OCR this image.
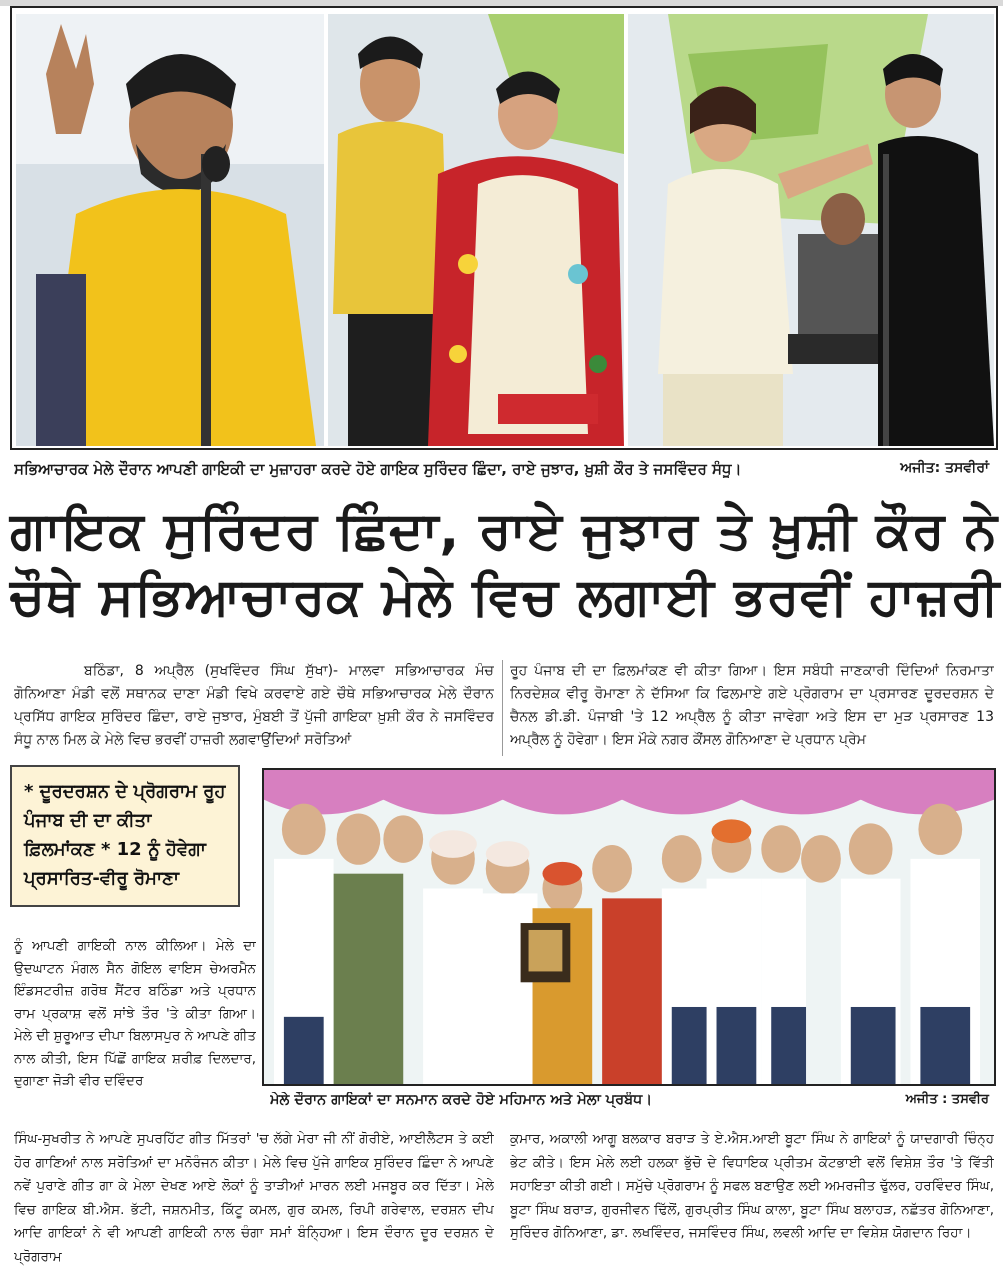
ਸਭਿਆਚਾਰਕ ਮੇਲੇ ਦੌਰਾਨ ਆਪਣੀ ਗਾਇਕੀ ਦਾ ਮੁਜ਼ਾਹਰਾ ਕਰਦੇ ਹੋਏ ਗਾਇਕ ਸੁਰਿੰਦਰ ਛਿੰਦਾ, ਰਾਏ ਜੁਝਾਰ, ਖ਼ੁਸ਼ੀ ਕੌਰ ਤੇ ਜਸਵਿੰਦਰ ਸੰਧੂ।	ਅਜੀਤ: ਤਸਵੀਰਾਂ
ਗਾਇਕ ਸੁਰਿੰਦਰ ਛਿੰਦਾ, ਰਾਏ ਜੁਝਾਰ ਤੇ ਖ਼ੁਸ਼ੀ ਕੌਰ ਨੇ
ਚੌਥੇ ਸਭਿਆਚਾਰਕ ਮੇਲੇ ਵਿਚ ਲਗਾਈ ਭਰਵੀਂ ਹਾਜ਼ਰੀ
ਬਠਿੰਡਾ, 8 ਅਪ੍ਰੈਲ (ਸੁਖਵਿੰਦਰ ਸਿੰਘ ਸੁੱਖਾ)- ਮਾਲਵਾ ਸਭਿਆਚਾਰਕ ਮੰਚ ਗੋਨਿਆਣਾ ਮੰਡੀ ਵਲੋਂ ਸਥਾਨਕ ਦਾਣਾ ਮੰਡੀ ਵਿਖੇ ਕਰਵਾਏ ਗਏ ਚੌਥੇ ਸਭਿਆਚਾਰਕ ਮੇਲੇ ਦੌਰਾਨ ਪ੍ਰਸਿੱਧ ਗਾਇਕ ਸੁਰਿੰਦਰ ਛਿੰਦਾ, ਰਾਏ ਜੁਝਾਰ, ਮੁੰਬਈ ਤੋਂ ਪੁੱਜੀ ਗਾਇਕਾ ਖ਼ੁਸ਼ੀ ਕੌਰ ਨੇ ਜਸਵਿੰਦਰ ਸੰਧੂ ਨਾਲ ਮਿਲ ਕੇ ਮੇਲੇ ਵਿਚ ਭਰਵੀਂ ਹਾਜ਼ਰੀ ਲਗਵਾਉਂਦਿਆਂ ਸਰੋਤਿਆਂ
ਰੂਹ ਪੰਜਾਬ ਦੀ ਦਾ ਫ਼ਿਲਮਾਂਕਣ ਵੀ ਕੀਤਾ ਗਿਆ। ਇਸ ਸਬੰਧੀ ਜਾਣਕਾਰੀ ਦਿੰਦਿਆਂ ਨਿਰਮਾਤਾ ਨਿਰਦੇਸ਼ਕ ਵੀਰੂ ਰੋਮਾਣਾ ਨੇ ਦੱਸਿਆ ਕਿ ਫਿਲਮਾਏ ਗਏ ਪ੍ਰੋਗਰਾਮ ਦਾ ਪ੍ਰਸਾਰਣ ਦੂਰਦਰਸ਼ਨ ਦੇ ਚੈਨਲ ਡੀ.ਡੀ. ਪੰਜਾਬੀ 'ਤੇ 12 ਅਪ੍ਰੈਲ ਨੂੰ ਕੀਤਾ ਜਾਵੇਗਾ ਅਤੇ ਇਸ ਦਾ ਮੁੜ ਪ੍ਰਸਾਰਣ 13 ਅਪ੍ਰੈਲ ਨੂੰ ਹੋਵੇਗਾ। ਇਸ ਮੌਕੇ ਨਗਰ ਕੌਂਸਲ ਗੋਨਿਆਣਾ ਦੇ ਪ੍ਰਧਾਨ ਪ੍ਰੇਮ
* ਦੂਰਦਰਸ਼ਨ ਦੇ ਪ੍ਰੋਗਰਾਮ ਰੂਹ
ਪੰਜਾਬ ਦੀ ਦਾ ਕੀਤਾ
ਫ਼ਿਲਮਾਂਕਣ * 12 ਨੂੰ ਹੋਵੇਗਾ
ਪ੍ਰਸਾਰਿਤ-ਵੀਰੂ ਰੋਮਾਣਾ
ਨੂੰ ਆਪਣੀ ਗਾਇਕੀ ਨਾਲ ਕੀਲਿਆ। ਮੇਲੇ ਦਾ ਉਦਘਾਟਨ ਮੰਗਲ ਸੈਨ ਗੋਇਲ ਵਾਇਸ ਚੇਅਰਮੈਨ ਇੰਡਸਟਰੀਜ਼ ਗਰੋਥ ਸੈਂਟਰ ਬਠਿੰਡਾ ਅਤੇ ਪ੍ਰਧਾਨ ਰਾਮ ਪ੍ਰਕਾਸ਼ ਵਲੋਂ ਸਾਂਝੇ ਤੌਰ 'ਤੇ ਕੀਤਾ ਗਿਆ। ਮੇਲੇ ਦੀ ਸ਼ੁਰੂਆਤ ਦੀਪਾ ਬਿਲਾਸਪੁਰ ਨੇ ਆਪਣੇ ਗੀਤ ਨਾਲ ਕੀਤੀ, ਇਸ ਪਿੱਛੋਂ ਗਾਇਕ ਸ਼ਰੀਫ਼ ਦਿਲਦਾਰ, ਦੁਗਾਣਾ ਜੋੜੀ ਵੀਰ ਦਵਿੰਦਰ
ਮੇਲੇ ਦੌਰਾਨ ਗਾਇਕਾਂ ਦਾ ਸਨਮਾਨ ਕਰਦੇ ਹੋਏ ਮਹਿਮਾਨ ਅਤੇ ਮੇਲਾ ਪ੍ਰਬੰਧ।	ਅਜੀਤ : ਤਸਵੀਰ
ਸਿੰਘ-ਸੁਖਰੀਤ ਨੇ ਆਪਣੇ ਸੁਪਰਹਿੱਟ ਗੀਤ ਮਿੱਤਰਾਂ 'ਚ ਲੱਗੇ ਮੇਰਾ ਜੀ ਨੀਂ ਗੋਰੀਏ, ਆਈਲੈਟਸ ਤੇ ਕਈ ਹੋਰ ਗਾਣਿਆਂ ਨਾਲ ਸਰੋਤਿਆਂ ਦਾ ਮਨੋਰੰਜਨ ਕੀਤਾ। ਮੇਲੇ ਵਿਚ ਪੁੱਜੇ ਗਾਇਕ ਸੁਰਿੰਦਰ ਛਿੰਦਾ ਨੇ ਆਪਣੇ ਨਵੇਂ ਪੁਰਾਣੇ ਗੀਤ ਗਾ ਕੇ ਮੇਲਾ ਦੇਖਣ ਆਏ ਲੋਕਾਂ ਨੂੰ ਤਾੜੀਆਂ ਮਾਰਨ ਲਈ ਮਜਬੂਰ ਕਰ ਦਿੱਤਾ। ਮੇਲੇ ਵਿਚ ਗਾਇਕ ਬੀ.ਐਸ. ਭੱਟੀ, ਜਸ਼ਨਮੀਤ, ਕਿੱਟੂ ਕਮਲ, ਗੁਰ ਕਮਲ, ਰਿਪੀ ਗਰੇਵਾਲ, ਦਰਸ਼ਨ ਦੀਪ ਆਦਿ ਗਾਇਕਾਂ ਨੇ ਵੀ ਆਪਣੀ ਗਾਇਕੀ ਨਾਲ ਚੰਗਾ ਸਮਾਂ ਬੰਨ੍ਹਿਆ। ਇਸ ਦੌਰਾਨ ਦੂਰ ਦਰਸ਼ਨ ਦੇ ਪ੍ਰੋਗਰਾਮ
ਕੁਮਾਰ, ਅਕਾਲੀ ਆਗੂ ਬਲਕਾਰ ਬਰਾੜ ਤੇ ਏ.ਐਸ.ਆਈ ਬੂਟਾ ਸਿੰਘ ਨੇ ਗਾਇਕਾਂ ਨੂੰ ਯਾਦਗਾਰੀ ਚਿੰਨ੍ਹ ਭੇਟ ਕੀਤੇ। ਇਸ ਮੇਲੇ ਲਈ ਹਲਕਾ ਭੁੱਚੋ ਦੇ ਵਿਧਾਇਕ ਪ੍ਰੀਤਮ ਕੋਟਭਾਈ ਵਲੋਂ ਵਿਸ਼ੇਸ਼ ਤੌਰ 'ਤੇ ਵਿੱਤੀ ਸਹਾਇਤਾ ਕੀਤੀ ਗਈ। ਸਮੁੱਚੇ ਪ੍ਰੋਗਰਾਮ ਨੂੰ ਸਫਲ ਬਣਾਉਣ ਲਈ ਅਮਰਜੀਤ ਢੁੱਲਰ, ਹਰਵਿੰਦਰ ਸਿੰਘ, ਬੂਟਾ ਸਿੰਘ ਬਰਾੜ, ਗੁਰਜੀਵਨ ਢਿੱਲੋਂ, ਗੁਰਪ੍ਰੀਤ ਸਿੰਘ ਕਾਲਾ, ਬੂਟਾ ਸਿੰਘ ਬਲਾਹੜ, ਨਛੱਤਰ ਗੋਨਿਆਣਾ, ਸੁਰਿੰਦਰ ਗੋਨਿਆਣਾ, ਡਾ. ਲਖਵਿੰਦਰ, ਜਸਵਿੰਦਰ ਸਿੰਘ, ਲਵਲੀ ਆਦਿ ਦਾ ਵਿਸ਼ੇਸ਼ ਯੋਗਦਾਨ ਰਿਹਾ।
